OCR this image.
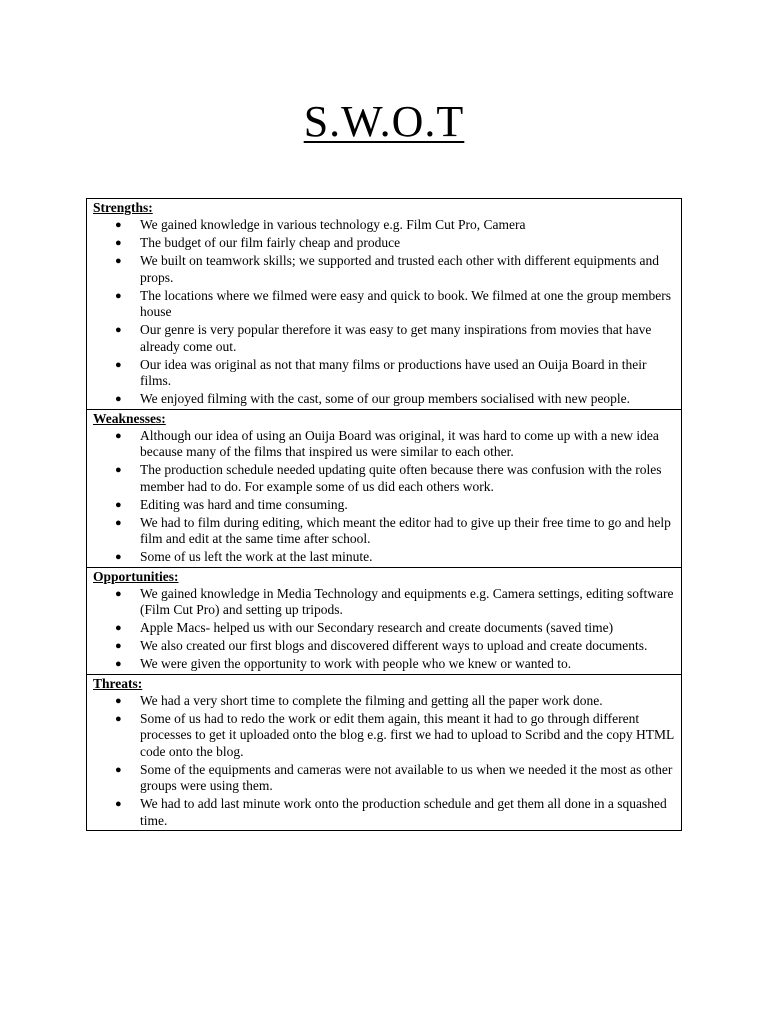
S.W.O.T
Strengths:
● We gained knowledge in various technology e.g. Film Cut Pro, Camera
● The budget of our film fairly cheap and produce
● We built on teamwork skills; we supported and trusted each other with different equipments and props.
● The locations where we filmed were easy and quick to book. We filmed at one the group members house
● Our genre is very popular therefore it was easy to get many inspirations from movies that have already come out.
● Our idea was original as not that many films or productions have used an Ouija Board in their films.
● We enjoyed filming with the cast, some of our group members socialised with new people.

Weaknesses:
● Although our idea of using an Ouija Board was original, it was hard to come up with a new idea because many of the films that inspired us were similar to each other.
● The production schedule needed updating quite often because there was confusion with the roles member had to do. For example some of us did each others work.
● Editing was hard and time consuming.
● We had to film during editing, which meant the editor had to give up their free time to go and help film and edit at the same time after school.
● Some of us left the work at the last minute.

Opportunities:
● We gained knowledge in Media Technology and equipments e.g. Camera settings, editing software (Film Cut Pro) and setting up tripods.
● Apple Macs- helped us with our Secondary research and create documents (saved time)
● We also created our first blogs and discovered different ways to upload and create documents.
● We were given the opportunity to work with people who we knew or wanted to.

Threats:
● We had a very short time to complete the filming and getting all the paper work done.
● Some of us had to redo the work or edit them again, this meant it had to go through different processes to get it uploaded onto the blog e.g. first we had to upload to Scribd and the copy HTML code onto the blog.
● Some of the equipments and cameras were not available to us when we needed it the most as other groups were using them.
● We had to add last minute work onto the production schedule and get them all done in a squashed time.
